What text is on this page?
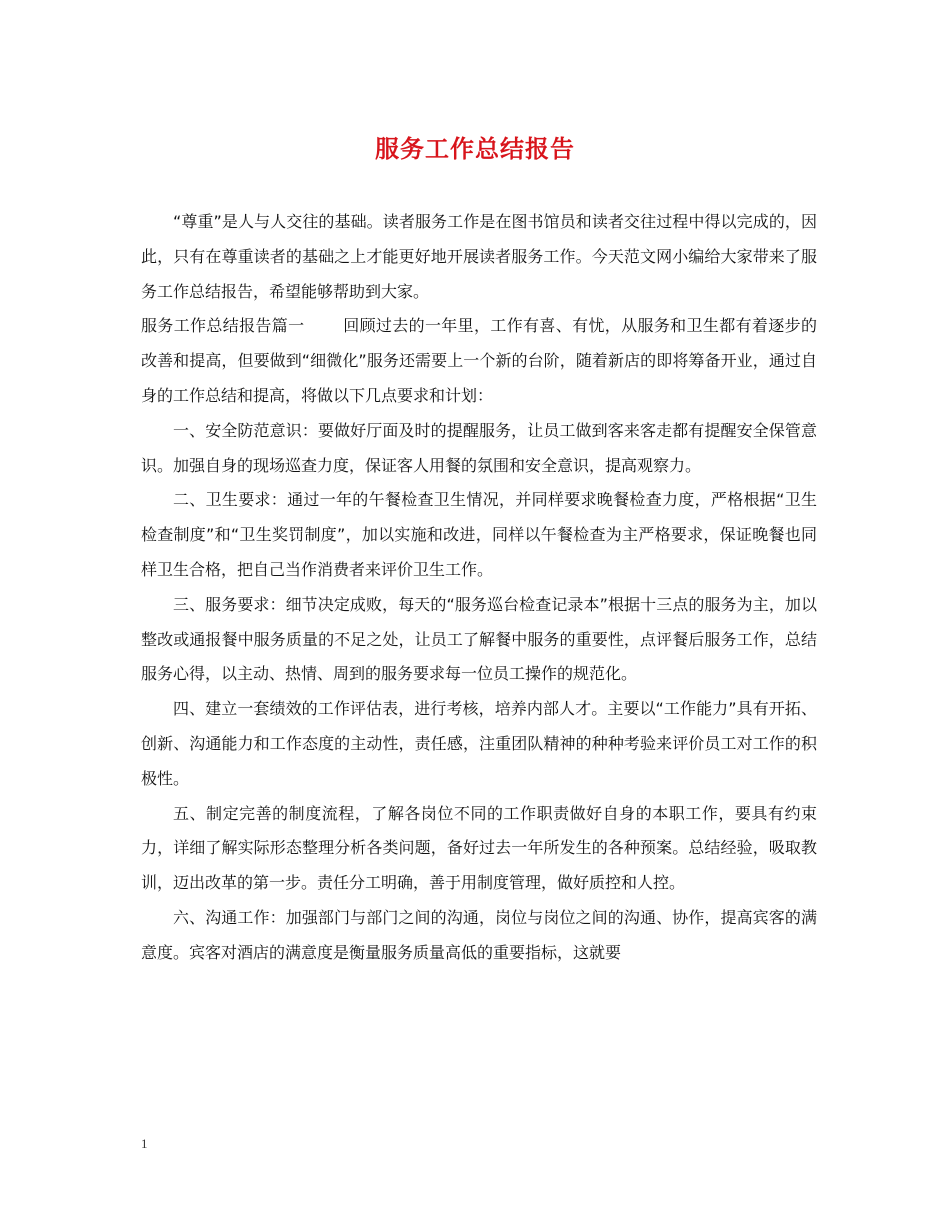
服务工作总结报告

“尊重”是人与人交往的基础。读者服务工作是在图书馆员和读者交往过程中得以完成的，因此，只有在尊重读者的基础之上才能更好地开展读者服务工作。今天范文网小编给大家带来了服务工作总结报告，希望能够帮助到大家。

服务工作总结报告篇一 回顾过去的一年里，工作有喜、有忧，从服务和卫生都有着逐步的改善和提高，但要做到“细微化”服务还需要上一个新的台阶，随着新店的即将筹备开业，通过自身的工作总结和提高，将做以下几点要求和计划：

一、安全防范意识：要做好厅面及时的提醒服务，让员工做到客来客走都有提醒安全保管意识。加强自身的现场巡查力度，保证客人用餐的氛围和安全意识，提高观察力。

二、卫生要求：通过一年的午餐检查卫生情况，并同样要求晚餐检查力度，严格根据“卫生检查制度”和“卫生奖罚制度”，加以实施和改进，同样以午餐检查为主严格要求，保证晚餐也同样卫生合格，把自己当作消费者来评价卫生工作。

三、服务要求：细节决定成败，每天的“服务巡台检查记录本”根据十三点的服务为主，加以整改或通报餐中服务质量的不足之处，让员工了解餐中服务的重要性，点评餐后服务工作，总结服务心得，以主动、热情、周到的服务要求每一位员工操作的规范化。

四、建立一套绩效的工作评估表，进行考核，培养内部人才。主要以“工作能力”具有开拓、创新、沟通能力和工作态度的主动性，责任感，注重团队精神的种种考验来评价员工对工作的积极性。

五、制定完善的制度流程，了解各岗位不同的工作职责做好自身的本职工作，要具有约束力，详细了解实际形态整理分析各类问题，备好过去一年所发生的各种预案。总结经验，吸取教训，迈出改革的第一步。责任分工明确，善于用制度管理，做好质控和人控。

六、沟通工作：加强部门与部门之间的沟通，岗位与岗位之间的沟通、协作，提高宾客的满意度。宾客对酒店的满意度是衡量服务质量高低的重要指标，这就要

1
